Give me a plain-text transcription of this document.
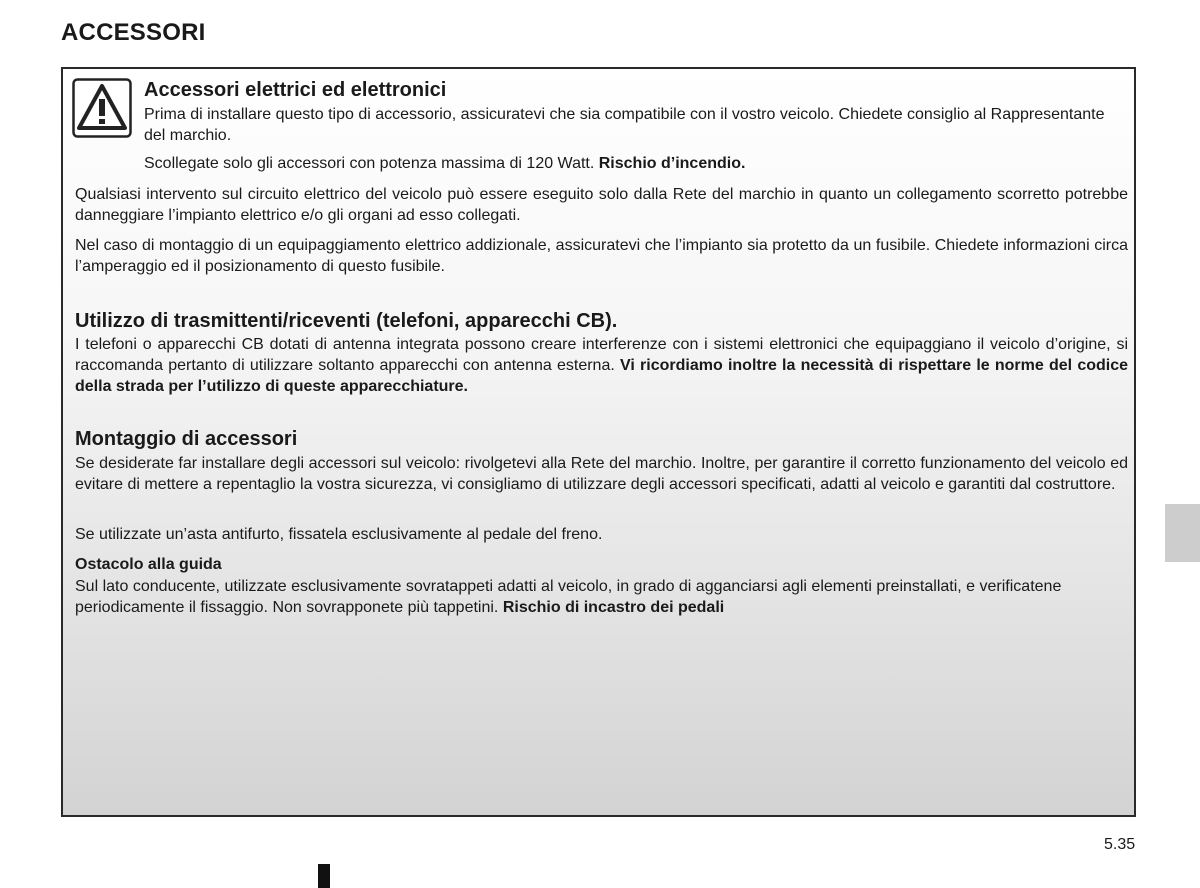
ACCESSORI
Accessori elettrici ed elettronici

Prima di installare questo tipo di accessorio, assicuratevi che sia compatibile con il vostro veicolo. Chiedete consiglio al Rappresentante del marchio.

Scollegate solo gli accessori con potenza massima di 120 Watt. Rischio d’incendio.

Qualsiasi intervento sul circuito elettrico del veicolo può essere eseguito solo dalla Rete del marchio in quanto un collegamento scorretto potrebbe danneggiare l’impianto elettrico e/o gli organi ad esso collegati.

Nel caso di montaggio di un equipaggiamento elettrico addizionale, assicuratevi che l’impianto sia protetto da un fusibile. Chiedete informazioni circa l’amperaggio ed il posizionamento di questo fusibile.

Utilizzo di trasmittenti/riceventi (telefoni, apparecchi CB).

I telefoni o apparecchi CB dotati di antenna integrata possono creare interferenze con i sistemi elettronici che equipaggiano il veicolo d’origine, si raccomanda pertanto di utilizzare soltanto apparecchi con antenna esterna. Vi ricordiamo inoltre la necessità di rispettare le norme del codice della strada per l’utilizzo di queste apparecchiature.

Montaggio di accessori

Se desiderate far installare degli accessori sul veicolo: rivolgetevi alla Rete del marchio. Inoltre, per garantire il corretto funzionamento del veicolo ed evitare di mettere a repentaglio la vostra sicurezza, vi consigliamo di utilizzare degli accessori specificati, adatti al veicolo e garantiti dal costruttore.

Se utilizzate un’asta antifurto, fissatela esclusivamente al pedale del freno.

Ostacolo alla guida

Sul lato conducente, utilizzate esclusivamente sovratappeti adatti al veicolo, in grado di agganciarsi agli elementi preinstallati, e verificatene periodicamente il fissaggio. Non sovrapponete più tappetini. Rischio di incastro dei pedali

5.35
